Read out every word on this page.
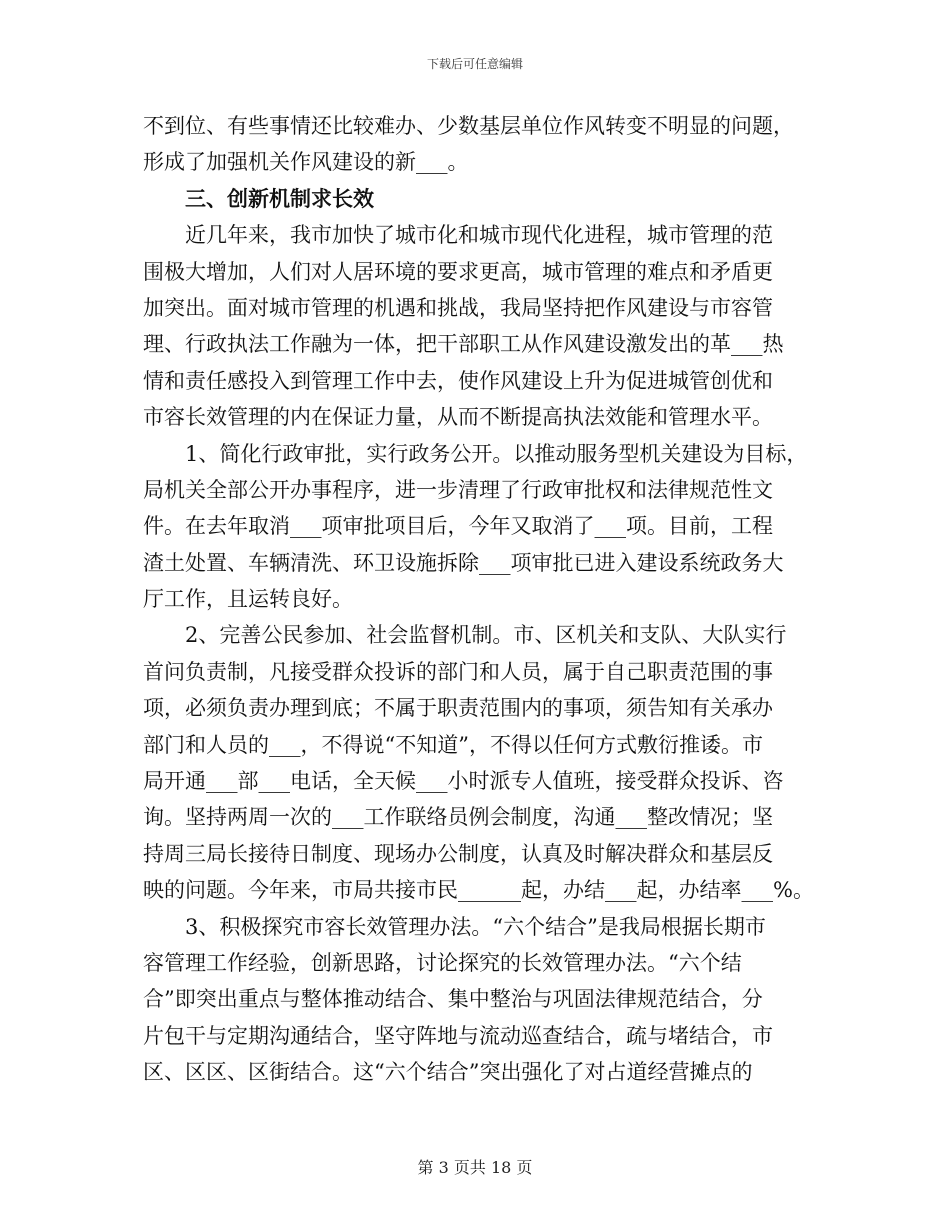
下载后可任意编辑
不到位、有些事情还比较难办、少数基层单位作风转变不明显的问题，
形成了加强机关作风建设的新___。
三、创新机制求长效
近几年来，我市加快了城市化和城市现代化进程，城市管理的范
围极大增加，人们对人居环境的要求更高，城市管理的难点和矛盾更
加突出。面对城市管理的机遇和挑战，我局坚持把作风建设与市容管
理、行政执法工作融为一体，把干部职工从作风建设激发出的革___热
情和责任感投入到管理工作中去，使作风建设上升为促进城管创优和
市容长效管理的内在保证力量，从而不断提高执法效能和管理水平。
1、简化行政审批，实行政务公开。以推动服务型机关建设为目标，
局机关全部公开办事程序，进一步清理了行政审批权和法律规范性文
件。在去年取消___项审批项目后，今年又取消了___项。目前，工程
渣土处置、车辆清洗、环卫设施拆除___项审批已进入建设系统政务大
厅工作，且运转良好。
2、完善公民参加、社会监督机制。市、区机关和支队、大队实行
首问负责制，凡接受群众投诉的部门和人员，属于自己职责范围的事
项，必须负责办理到底；不属于职责范围内的事项，须告知有关承办
部门和人员的___，不得说“不知道”，不得以任何方式敷衍推诿。市
局开通___部___电话，全天候___小时派专人值班，接受群众投诉、咨
询。坚持两周一次的___工作联络员例会制度，沟通___整改情况；坚
持周三局长接待日制度、现场办公制度，认真及时解决群众和基层反
映的问题。今年来，市局共接市民______起，办结___起，办结率___%。
3、积极探究市容长效管理办法。“六个结合”是我局根据长期市
容管理工作经验，创新思路，讨论探究的长效管理办法。“六个结
合”即突出重点与整体推动结合、集中整治与巩固法律规范结合，分
片包干与定期沟通结合，坚守阵地与流动巡查结合，疏与堵结合，市
区、区区、区街结合。这“六个结合”突出强化了对占道经营摊点的
第 3 页共 18 页
